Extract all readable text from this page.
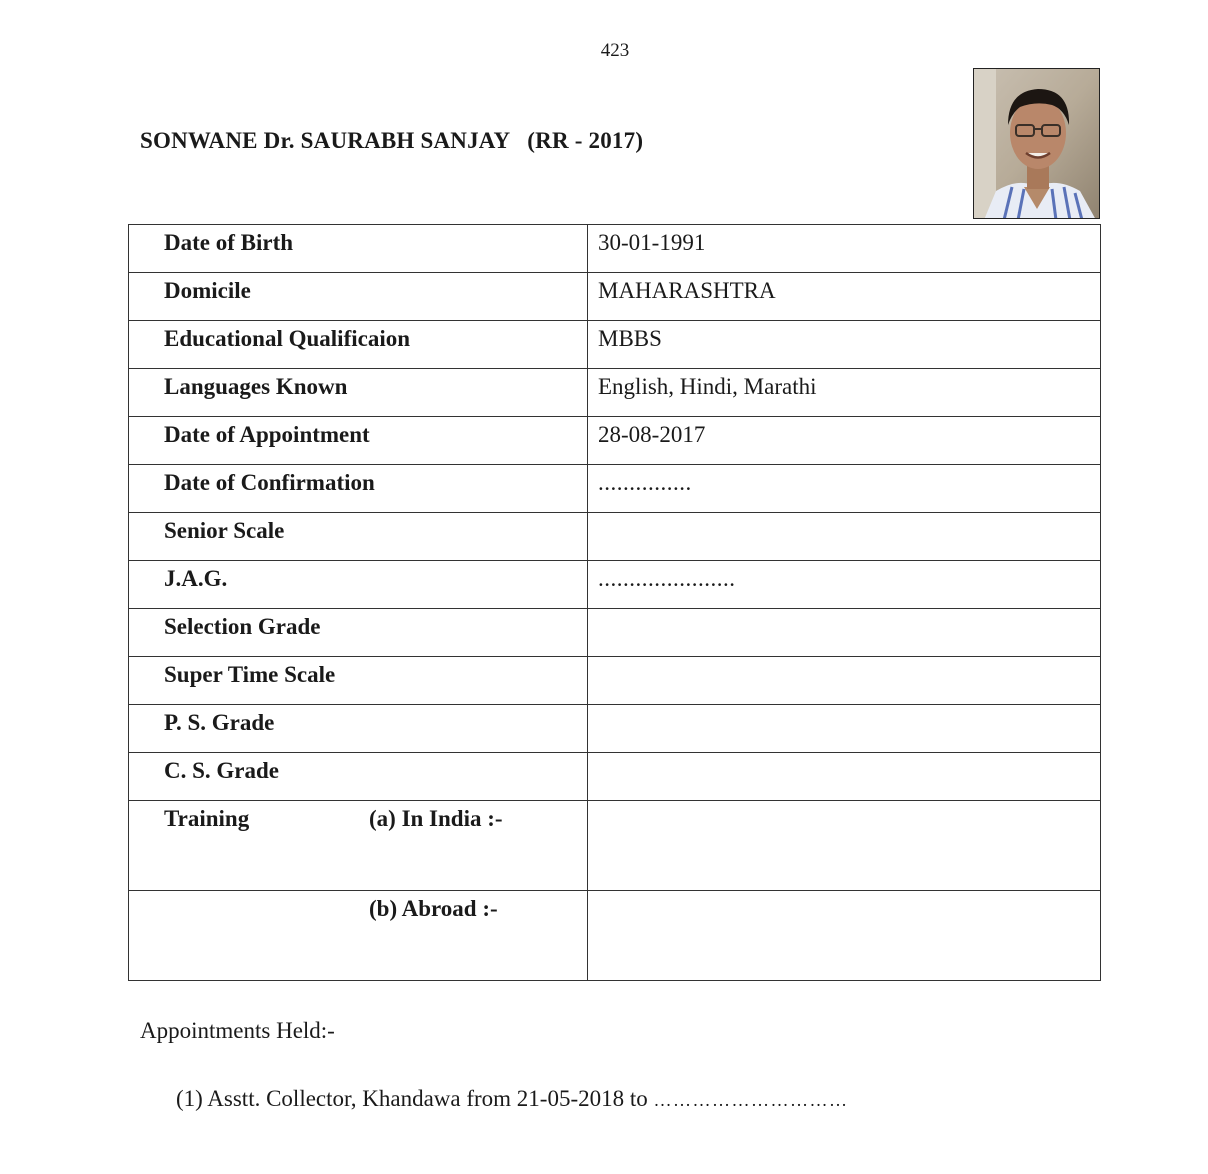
423
SONWANE Dr. SAURABH SANJAY   (RR - 2017)
Date of Birth	30-01-1991
Domicile	MAHARASHTRA
Educational Qualificaion	MBBS
Languages Known	English, Hindi, Marathi
Date of Appointment	28-08-2017
Date of Confirmation	...............
Senior Scale	
J.A.G.	......................
Selection Grade	
Super Time Scale	
P. S. Grade	
C. S. Grade	
Training (a) In India :-	

(b) Abroad :-	

Appointments Held:-
(1) Asstt. Collector, Khandawa from 21-05-2018 to …………………………
